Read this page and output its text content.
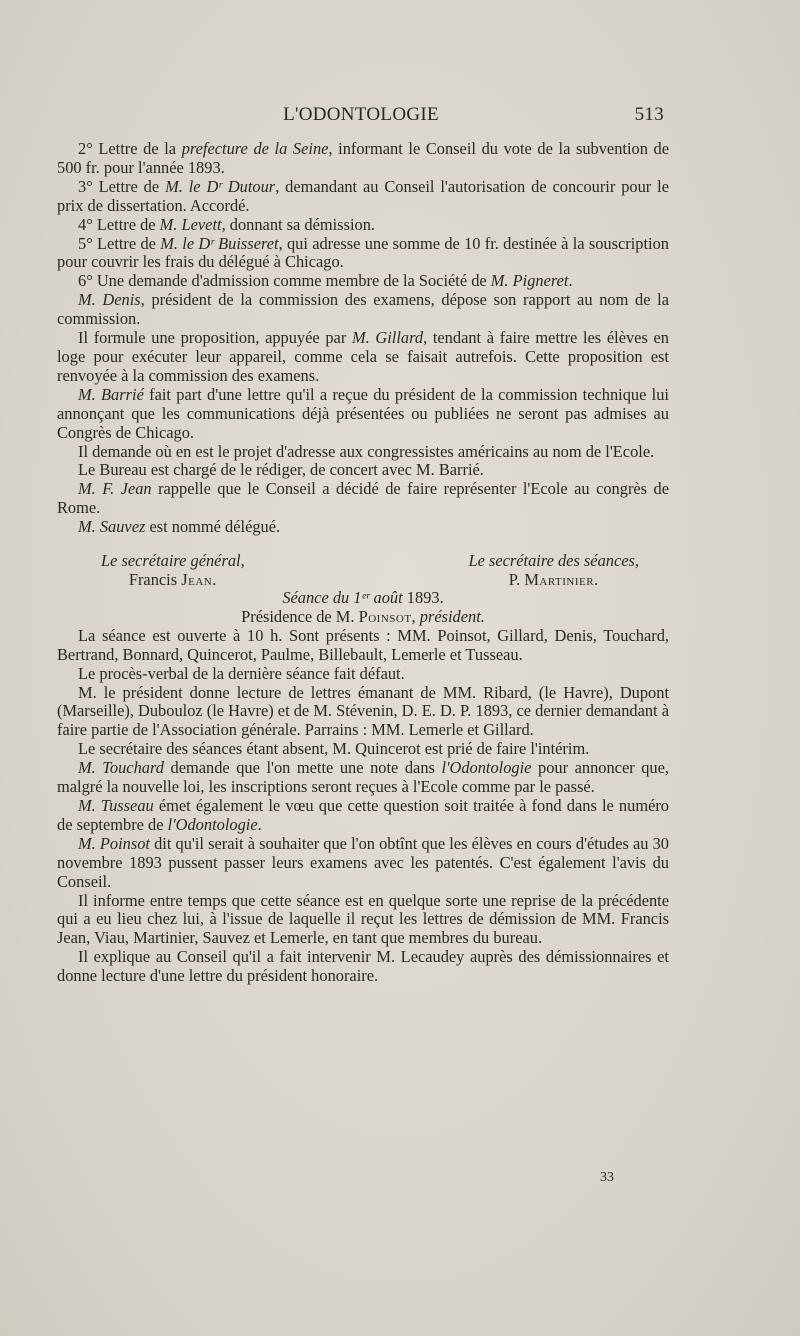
L'ODONTOLOGIE	513

2° Lettre de la prefecture de la Seine, informant le Conseil du vote de la subvention de 500 fr. pour l'année 1893.

3° Lettre de M. le Dʳ Dutour, demandant au Conseil l'autorisation de concourir pour le prix de dissertation. Accordé.

4° Lettre de M. Levett, donnant sa démission.

5° Lettre de M. le Dʳ Buisseret, qui adresse une somme de 10 fr. destinée à la souscription pour couvrir les frais du délégué à Chicago.

6° Une demande d'admission comme membre de la Société de M. Pigneret.

M. Denis, président de la commission des examens, dépose son rapport au nom de la commission.

Il formule une proposition, appuyée par M. Gillard, tendant à faire mettre les élèves en loge pour exécuter leur appareil, comme cela se faisait autrefois. Cette proposition est renvoyée à la commission des examens.

M. Barrié fait part d'une lettre qu'il a reçue du président de la commission technique lui annonçant que les communications déjà présentées ou publiées ne seront pas admises au Congrès de Chicago.

Il demande où en est le projet d'adresse aux congressistes américains au nom de l'Ecole.

Le Bureau est chargé de le rédiger, de concert avec M. Barrié.

M. F. Jean rappelle que le Conseil a décidé de faire représenter l'Ecole au congrès de Rome.

M. Sauvez est nommé délégué.

Le secrétaire général,
Francis Jean.
Le secrétaire des séances,
P. Martinier.

Séance du 1ᵉʳ août 1893.

Présidence de M. Poinsot, président.

La séance est ouverte à 10 h. Sont présents : MM. Poinsot, Gillard, Denis, Touchard, Bertrand, Bonnard, Quincerot, Paulme, Billebault, Lemerle et Tusseau.

Le procès-verbal de la dernière séance fait défaut.

M. le président donne lecture de lettres émanant de MM. Ribard, (le Havre), Dupont (Marseille), Dubouloz (le Havre) et de M. Stévenin, D. E. D. P. 1893, ce dernier demandant à faire partie de l'Association générale. Parrains : MM. Lemerle et Gillard.

Le secrétaire des séances étant absent, M. Quincerot est prié de faire l'intérim.

M. Touchard demande que l'on mette une note dans l'Odontologie pour annoncer que, malgré la nouvelle loi, les inscriptions seront reçues à l'Ecole comme par le passé.

M. Tusseau émet également le vœu que cette question soit traitée à fond dans le numéro de septembre de l'Odontologie.

M. Poinsot dit qu'il serait à souhaiter que l'on obtînt que les élèves en cours d'études au 30 novembre 1893 pussent passer leurs examens avec les patentés. C'est également l'avis du Conseil.

Il informe entre temps que cette séance est en quelque sorte une reprise de la précédente qui a eu lieu chez lui, à l'issue de laquelle il reçut les lettres de démission de MM. Francis Jean, Viau, Martinier, Sauvez et Lemerle, en tant que membres du bureau.

Il explique au Conseil qu'il a fait intervenir M. Lecaudey auprès des démissionnaires et donne lecture d'une lettre du président honoraire.

33
